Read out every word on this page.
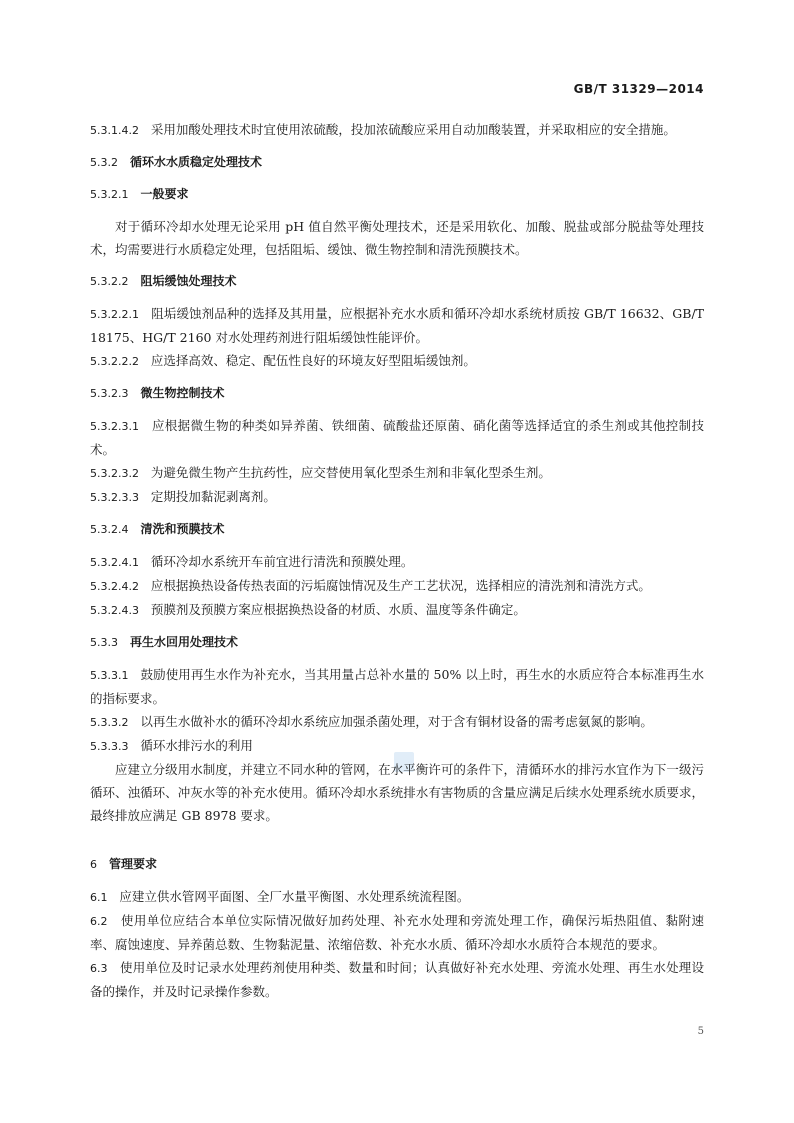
GB/T 31329—2014

5.3.1.4.2 采用加酸处理技术时宜使用浓硫酸，投加浓硫酸应采用自动加酸装置，并采取相应的安全措施。

5.3.2 循环水水质稳定处理技术

5.3.2.1 一般要求

对于循环冷却水处理无论采用 pH 值自然平衡处理技术，还是采用软化、加酸、脱盐或部分脱盐等处理技术，均需要进行水质稳定处理，包括阻垢、缓蚀、微生物控制和清洗预膜技术。

5.3.2.2 阻垢缓蚀处理技术

5.3.2.2.1 阻垢缓蚀剂品种的选择及其用量，应根据补充水水质和循环冷却水系统材质按 GB/T 16632、GB/T 18175、HG/T 2160 对水处理药剂进行阻垢缓蚀性能评价。

5.3.2.2.2 应选择高效、稳定、配伍性良好的环境友好型阻垢缓蚀剂。

5.3.2.3 微生物控制技术

5.3.2.3.1 应根据微生物的种类如异养菌、铁细菌、硫酸盐还原菌、硝化菌等选择适宜的杀生剂或其他控制技术。

5.3.2.3.2 为避免微生物产生抗药性，应交替使用氧化型杀生剂和非氧化型杀生剂。

5.3.2.3.3 定期投加黏泥剥离剂。

5.3.2.4 清洗和预膜技术

5.3.2.4.1 循环冷却水系统开车前宜进行清洗和预膜处理。

5.3.2.4.2 应根据换热设备传热表面的污垢腐蚀情况及生产工艺状况，选择相应的清洗剂和清洗方式。

5.3.2.4.3 预膜剂及预膜方案应根据换热设备的材质、水质、温度等条件确定。

5.3.3 再生水回用处理技术

5.3.3.1 鼓励使用再生水作为补充水，当其用量占总补水量的 50% 以上时，再生水的水质应符合本标准再生水的指标要求。

5.3.3.2 以再生水做补水的循环冷却水系统应加强杀菌处理，对于含有铜材设备的需考虑氨氮的影响。

5.3.3.3 循环水排污水的利用

应建立分级用水制度，并建立不同水种的管网，在水平衡许可的条件下，清循环水的排污水宜作为下一级污循环、浊循环、冲灰水等的补充水使用。循环冷却水系统排水有害物质的含量应满足后续水处理系统水质要求，最终排放应满足 GB 8978 要求。

6 管理要求

6.1 应建立供水管网平面图、全厂水量平衡图、水处理系统流程图。

6.2 使用单位应结合本单位实际情况做好加药处理、补充水处理和旁流处理工作，确保污垢热阻值、黏附速率、腐蚀速度、异养菌总数、生物黏泥量、浓缩倍数、补充水水质、循环冷却水水质符合本规范的要求。

6.3 使用单位及时记录水处理药剂使用种类、数量和时间；认真做好补充水处理、旁流水处理、再生水处理设备的操作，并及时记录操作参数。

5
